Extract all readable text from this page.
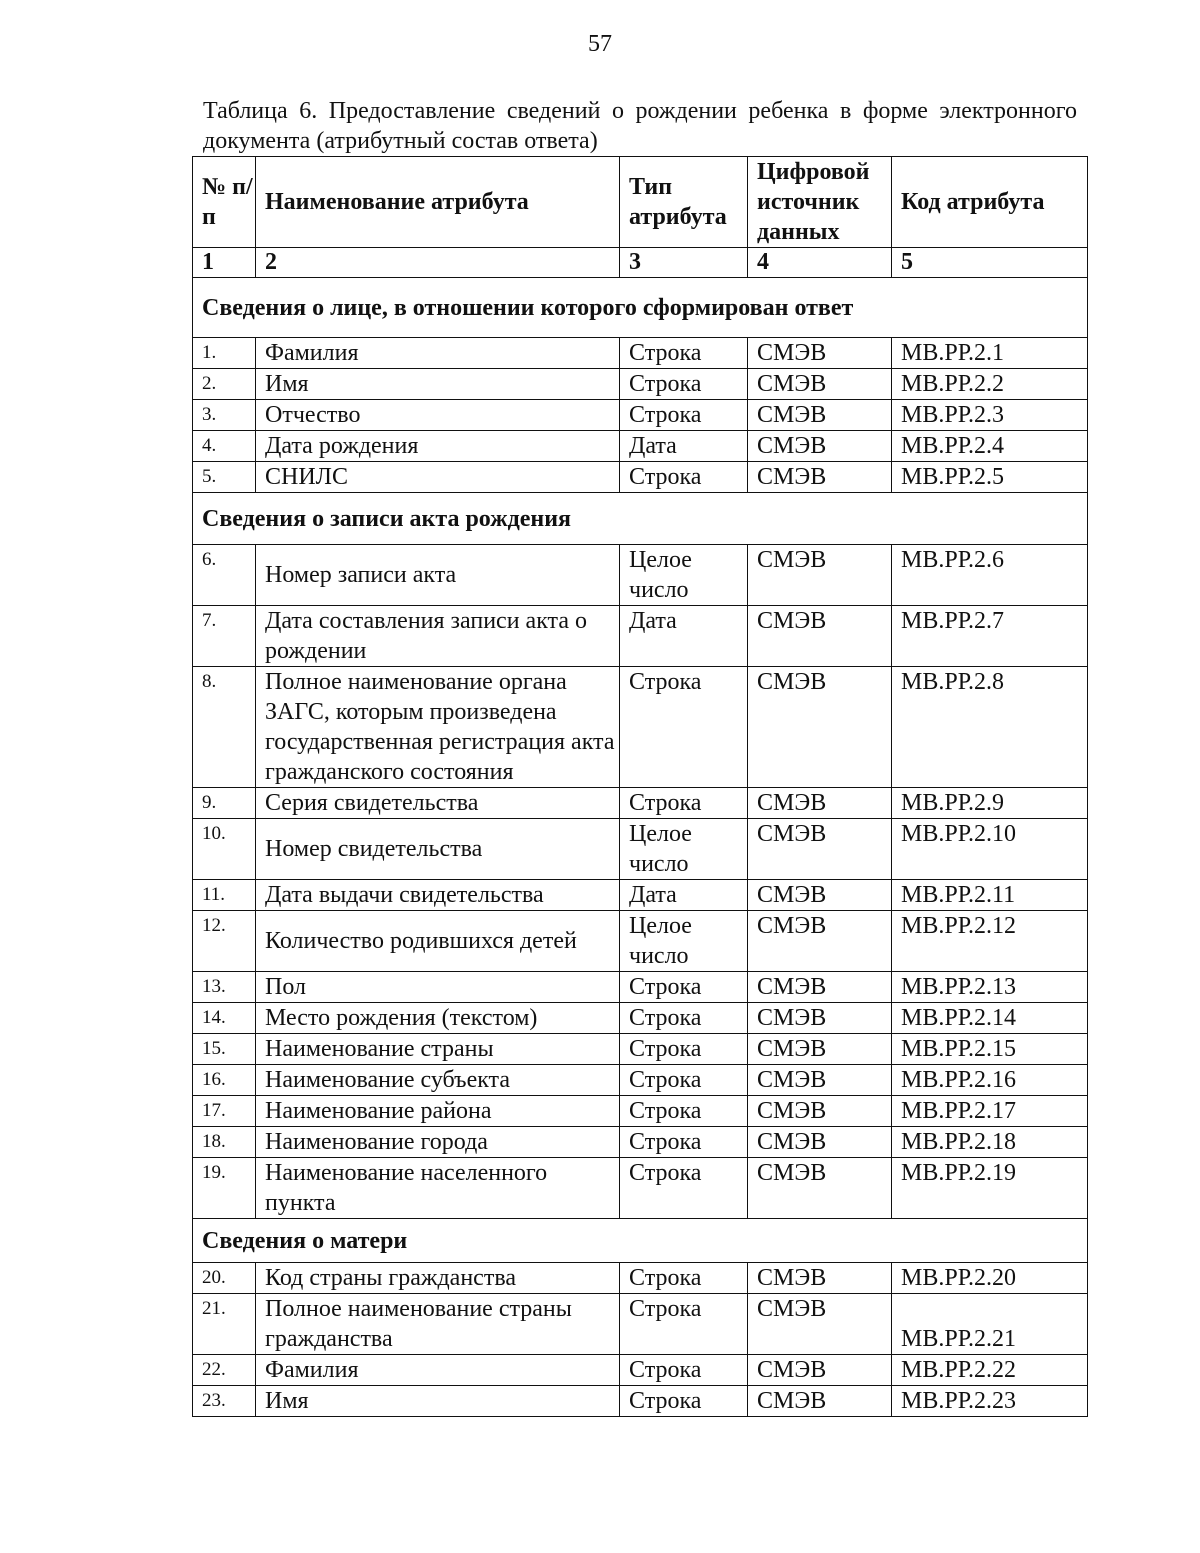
57
Таблица 6. Предоставление сведений о рождении ребенка в форме электронного документа (атрибутный состав ответа)
№ п/п	Наименование атрибута	Тип атрибута	Цифровой источник данных	Код атрибута
1	2	3	4	5
Сведения о лице, в отношении которого сформирован ответ				
1.	Фамилия	Строка	СМЭВ	МВ.РР.2.1
2.	Имя	Строка	СМЭВ	МВ.РР.2.2
3.	Отчество	Строка	СМЭВ	МВ.РР.2.3
4.	Дата рождения	Дата	СМЭВ	МВ.РР.2.4
5.	СНИЛС	Строка	СМЭВ	МВ.РР.2.5
Сведения о записи акта рождения				
6.	Номер записи акта	Целое число	СМЭВ	МВ.РР.2.6
7.	Дата составления записи акта о рождении	Дата	СМЭВ	МВ.РР.2.7
8.	Полное наименование органа ЗАГС, которым произведена государственная регистрация акта гражданского состояния	Строка	СМЭВ	МВ.РР.2.8
9.	Серия свидетельства	Строка	СМЭВ	МВ.РР.2.9
10.	Номер свидетельства	Целое число	СМЭВ	МВ.РР.2.10
11.	Дата выдачи свидетельства	Дата	СМЭВ	МВ.РР.2.11
12.	Количество родившихся детей	Целое число	СМЭВ	МВ.РР.2.12
13.	Пол	Строка	СМЭВ	МВ.РР.2.13
14.	Место рождения (текстом)	Строка	СМЭВ	МВ.РР.2.14
15.	Наименование страны	Строка	СМЭВ	МВ.РР.2.15
16.	Наименование субъекта	Строка	СМЭВ	МВ.РР.2.16
17.	Наименование района	Строка	СМЭВ	МВ.РР.2.17
18.	Наименование города	Строка	СМЭВ	МВ.РР.2.18
19.	Наименование населенного пункта	Строка	СМЭВ	МВ.РР.2.19
Сведения о матери				
20.	Код страны гражданства	Строка	СМЭВ	МВ.РР.2.20
21.	Полное наименование страны гражданства	Строка	СМЭВ	МВ.РР.2.21
22.	Фамилия	Строка	СМЭВ	МВ.РР.2.22
23.	Имя	Строка	СМЭВ	МВ.РР.2.23
